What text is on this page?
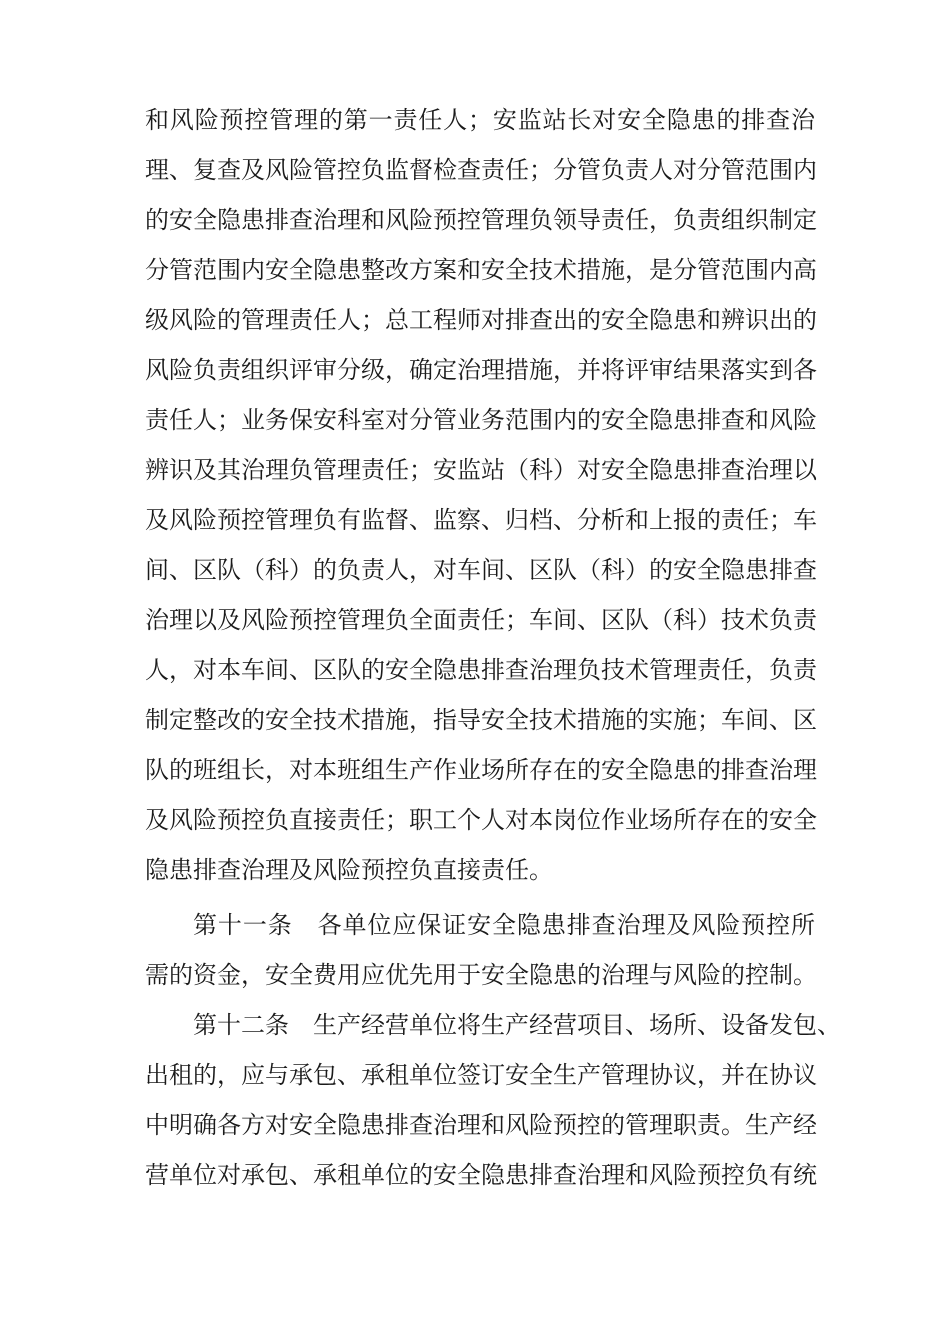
和风险预控管理的第一责任人；安监站长对安全隐患的排查治
理、复查及风险管控负监督检查责任；分管负责人对分管范围内
的安全隐患排查治理和风险预控管理负领导责任，负责组织制定
分管范围内安全隐患整改方案和安全技术措施，是分管范围内高
级风险的管理责任人；总工程师对排查出的安全隐患和辨识出的
风险负责组织评审分级，确定治理措施，并将评审结果落实到各
责任人；业务保安科室对分管业务范围内的安全隐患排查和风险
辨识及其治理负管理责任；安监站（科）对安全隐患排查治理以
及风险预控管理负有监督、监察、归档、分析和上报的责任；车
间、区队（科）的负责人，对车间、区队（科）的安全隐患排查
治理以及风险预控管理负全面责任；车间、区队（科）技术负责
人，对本车间、区队的安全隐患排查治理负技术管理责任，负责
制定整改的安全技术措施，指导安全技术措施的实施；车间、区
队的班组长，对本班组生产作业场所存在的安全隐患的排查治理
及风险预控负直接责任；职工个人对本岗位作业场所存在的安全
隐患排查治理及风险预控负直接责任。
第十一条　各单位应保证安全隐患排查治理及风险预控所
需的资金，安全费用应优先用于安全隐患的治理与风险的控制。
第十二条　生产经营单位将生产经营项目、场所、设备发包、
出租的，应与承包、承租单位签订安全生产管理协议，并在协议
中明确各方对安全隐患排查治理和风险预控的管理职责。生产经
营单位对承包、承租单位的安全隐患排查治理和风险预控负有统
